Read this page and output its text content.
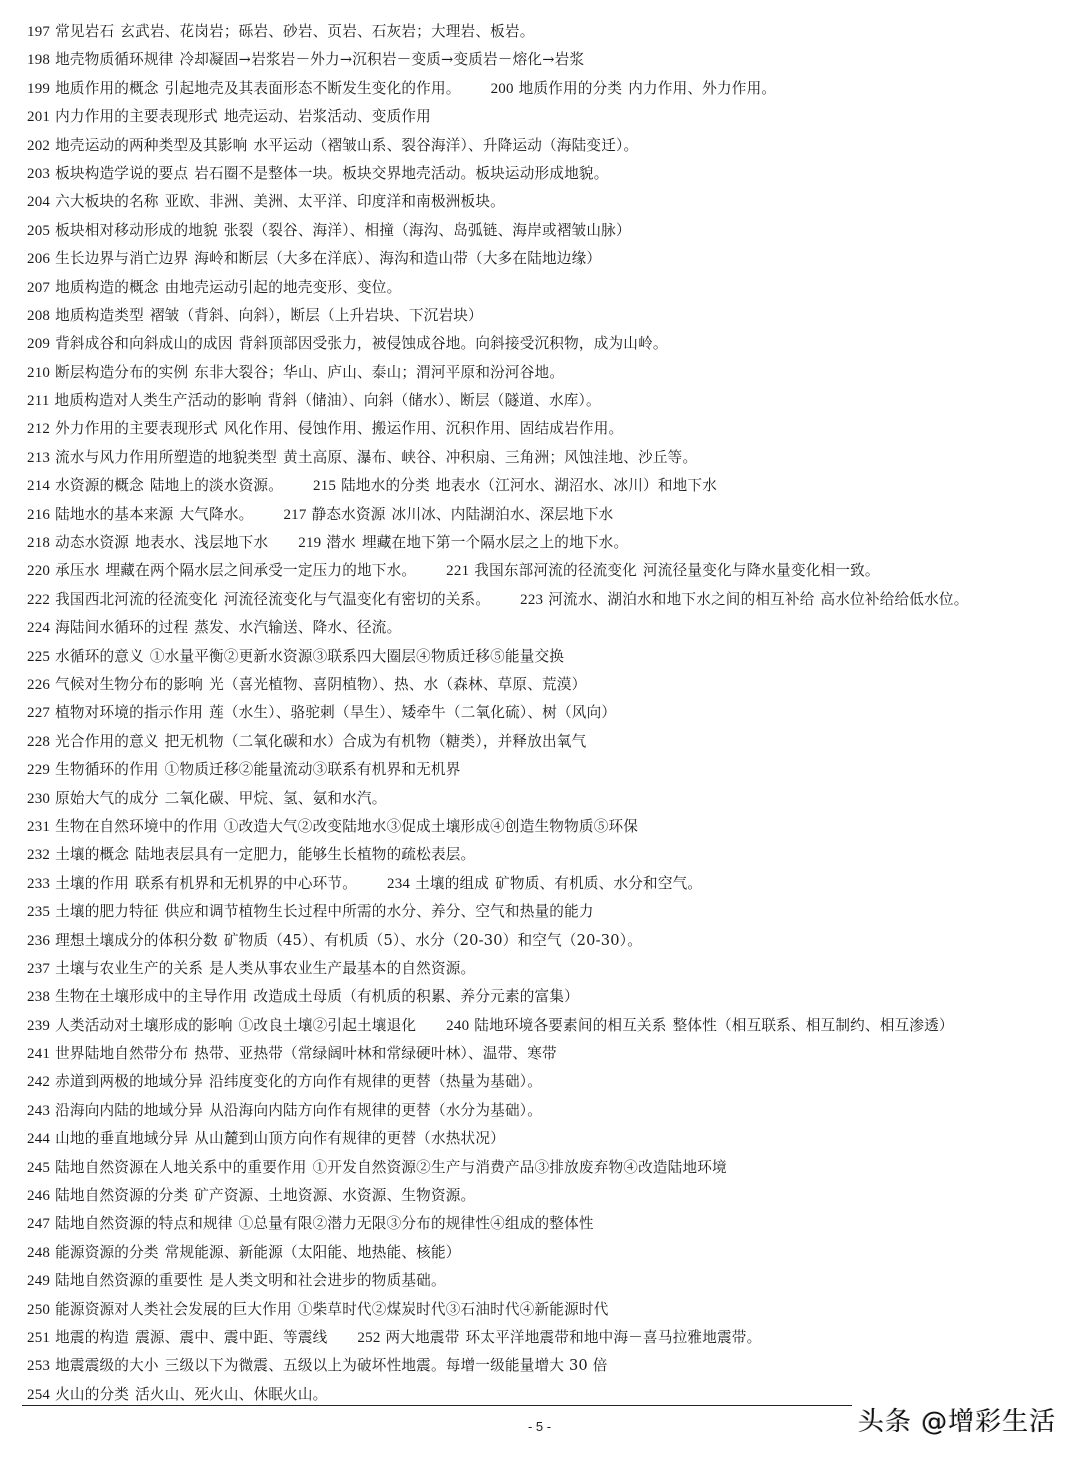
197 常见岩石 玄武岩、花岗岩；砾岩、砂岩、页岩、石灰岩；大理岩、板岩。
198 地壳物质循环规律 冷却凝固→岩浆岩－外力→沉积岩－变质→变质岩－熔化→岩浆
199 地质作用的概念 引起地壳及其表面形态不断发生变化的作用。 200 地质作用的分类 内力作用、外力作用。
201 内力作用的主要表现形式 地壳运动、岩浆活动、变质作用
202 地壳运动的两种类型及其影响 水平运动（褶皱山系、裂谷海洋）、升降运动（海陆变迁）。
203 板块构造学说的要点 岩石圈不是整体一块。板块交界地壳活动。板块运动形成地貌。
204 六大板块的名称 亚欧、非洲、美洲、太平洋、印度洋和南极洲板块。
205 板块相对移动形成的地貌 张裂（裂谷、海洋）、相撞（海沟、岛弧链、海岸或褶皱山脉）
206 生长边界与消亡边界 海岭和断层（大多在洋底）、海沟和造山带（大多在陆地边缘）
207 地质构造的概念 由地壳运动引起的地壳变形、变位。
208 地质构造类型 褶皱（背斜、向斜），断层（上升岩块、下沉岩块）
209 背斜成谷和向斜成山的成因 背斜顶部因受张力，被侵蚀成谷地。向斜接受沉积物，成为山岭。
210 断层构造分布的实例 东非大裂谷；华山、庐山、泰山；渭河平原和汾河谷地。
211 地质构造对人类生产活动的影响 背斜（储油）、向斜（储水）、断层（隧道、水库）。
212 外力作用的主要表现形式 风化作用、侵蚀作用、搬运作用、沉积作用、固结成岩作用。
213 流水与风力作用所塑造的地貌类型 黄土高原、瀑布、峡谷、冲积扇、三角洲；风蚀洼地、沙丘等。
214 水资源的概念 陆地上的淡水资源。 215 陆地水的分类 地表水（江河水、湖沼水、冰川）和地下水
216 陆地水的基本来源 大气降水。 217 静态水资源 冰川冰、内陆湖泊水、深层地下水
218 动态水资源 地表水、浅层地下水 219 潜水 埋藏在地下第一个隔水层之上的地下水。
220 承压水 埋藏在两个隔水层之间承受一定压力的地下水。 221 我国东部河流的径流变化 河流径量变化与降水量变化相一致。
222 我国西北河流的径流变化 河流径流变化与气温变化有密切的关系。 223 河流水、湖泊水和地下水之间的相互补给 高水位补给给低水位。
224 海陆间水循环的过程 蒸发、水汽输送、降水、径流。
225 水循环的意义 ①水量平衡②更新水资源③联系四大圈层④物质迁移⑤能量交换
226 气候对生物分布的影响 光（喜光植物、喜阴植物）、热、水（森林、草原、荒漠）
227 植物对环境的指示作用 莲（水生）、骆驼刺（旱生）、矮牵牛（二氧化硫）、树（风向）
228 光合作用的意义 把无机物（二氧化碳和水）合成为有机物（糖类），并释放出氧气
229 生物循环的作用 ①物质迁移②能量流动③联系有机界和无机界
230 原始大气的成分 二氧化碳、甲烷、氢、氨和水汽。
231 生物在自然环境中的作用 ①改造大气②改变陆地水③促成土壤形成④创造生物物质⑤环保
232 土壤的概念 陆地表层具有一定肥力，能够生长植物的疏松表层。
233 土壤的作用 联系有机界和无机界的中心环节。 234 土壤的组成 矿物质、有机质、水分和空气。
235 土壤的肥力特征 供应和调节植物生长过程中所需的水分、养分、空气和热量的能力
236 理想土壤成分的体积分数 矿物质（45）、有机质（5）、水分（20-30）和空气（20-30）。
237 土壤与农业生产的关系 是人类从事农业生产最基本的自然资源。
238 生物在土壤形成中的主导作用 改造成土母质（有机质的积累、养分元素的富集）
239 人类活动对土壤形成的影响 ①改良土壤②引起土壤退化 240 陆地环境各要素间的相互关系 整体性（相互联系、相互制约、相互渗透）
241 世界陆地自然带分布 热带、亚热带（常绿阔叶林和常绿硬叶林）、温带、寒带
242 赤道到两极的地域分异 沿纬度变化的方向作有规律的更替（热量为基础）。
243 沿海向内陆的地域分异 从沿海向内陆方向作有规律的更替（水分为基础）。
244 山地的垂直地域分异 从山麓到山顶方向作有规律的更替（水热状况）
245 陆地自然资源在人地关系中的重要作用 ①开发自然资源②生产与消费产品③排放废弃物④改造陆地环境
246 陆地自然资源的分类 矿产资源、土地资源、水资源、生物资源。
247 陆地自然资源的特点和规律 ①总量有限②潜力无限③分布的规律性④组成的整体性
248 能源资源的分类 常规能源、新能源（太阳能、地热能、核能）
249 陆地自然资源的重要性 是人类文明和社会进步的物质基础。
250 能源资源对人类社会发展的巨大作用 ①柴草时代②煤炭时代③石油时代④新能源时代
251 地震的构造 震源、震中、震中距、等震线 252 两大地震带 环太平洋地震带和地中海－喜马拉雅地震带。
253 地震震级的大小 三级以下为微震、五级以上为破坏性地震。每增一级能量增大 30 倍
254 火山的分类 活火山、死火山、休眠火山。
- 5 -	头条 @增彩生活
